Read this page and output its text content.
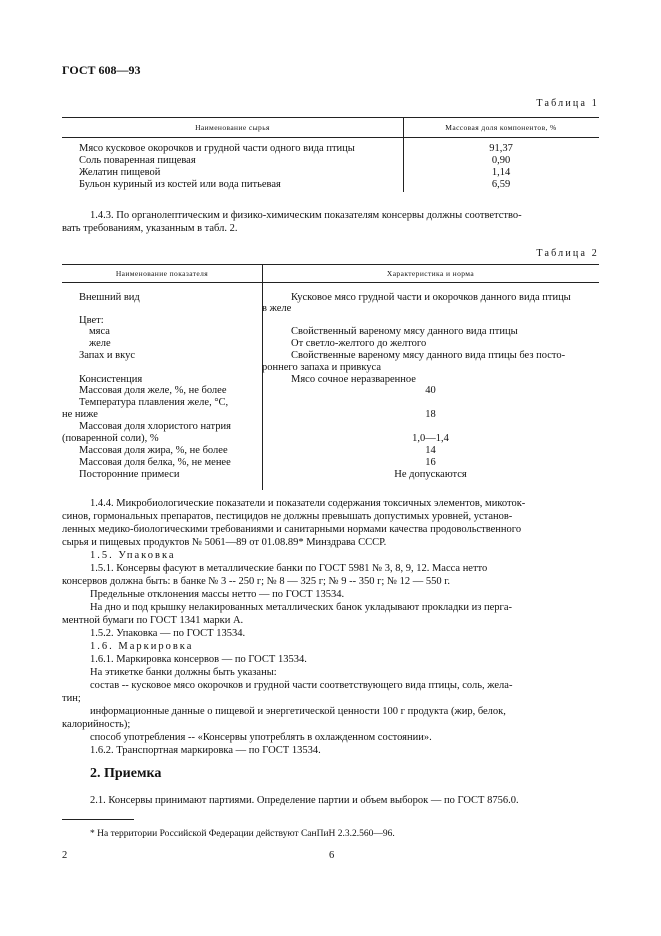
ГОСТ 608—93
Таблица 1
Наименование сырья	Массовая доля компонентов, %
Мясо кусковое окорочков и грудной части одного вида птицы	91,37
Соль поваренная пищевая	0,90
Желатин пищевой	1,14
Бульон куриный из костей или вода питьевая	6,59
1.4.3. По органолептическим и физико-химическим показателям консервы должны соответство-
вать требованиям, указанным в табл. 2.
Таблица 2
Наименование показателя	Характеристика и норма
Внешний вид	Кусковое мясо грудной части и окорочков данного вида птицы
в желе
Цвет:
мяса	Свойственный вареному мясу данного вида птицы
желе	От светло-желтого до желтого
Запах и вкус	Свойственные вареному мясу данного вида птицы без посто-
роннего запаха и привкуса
Консистенция	Мясо сочное неразваренное
Массовая доля желе, %, не более	40
Температура плавления желе, °С,
не ниже	18
Массовая доля хлористого натрия
(поваренной соли), %	1,0—1,4
Массовая доля жира, %, не более	14
Массовая доля белка, %, не менее	16
Посторонние примеси	Не допускаются
1.4.4. Микробиологические показатели и показатели содержания токсичных элементов, микоток-
синов, гормональных препаратов, пестицидов не должны превышать допустимых уровней, установ-
ленных медико-биологическими требованиями и санитарными нормами качества продовольственного
сырья и пищевых продуктов № 5061—89 от 01.08.89* Минздрава СССР.
1.5. Упаковка
1.5.1. Консервы фасуют в металлические банки по ГОСТ 5981 № 3, 8, 9, 12. Масса нетто
консервов должна быть: в банке № 3 -- 250 г; № 8 — 325 г; № 9 -- 350 г; № 12 — 550 г.
Предельные отклонения массы нетто — по ГОСТ 13534.
На дно и под крышку нелакированных металлических банок укладывают прокладки из перга-
ментной бумаги по ГОСТ 1341 марки А.
1.5.2. Упаковка — по ГОСТ 13534.
1.6. Маркировка
1.6.1. Маркировка консервов — по ГОСТ 13534.
На этикетке банки должны быть указаны:
состав -- кусковое мясо окорочков и грудной части соответствующего вида птицы, соль, жела-
тин;
информационные данные о пищевой и энергетической ценности 100 г продукта (жир, белок,
калорийность);
способ употребления -- «Консервы употреблять в охлажденном состоянии».
1.6.2. Транспортная маркировка — по ГОСТ 13534.
2. Приемка
2.1. Консервы принимают партиями. Определение партии и объем выборок — по ГОСТ 8756.0.
* На территории Российской Федерации действуют СанПиН 2.3.2.560—96.
2	6
